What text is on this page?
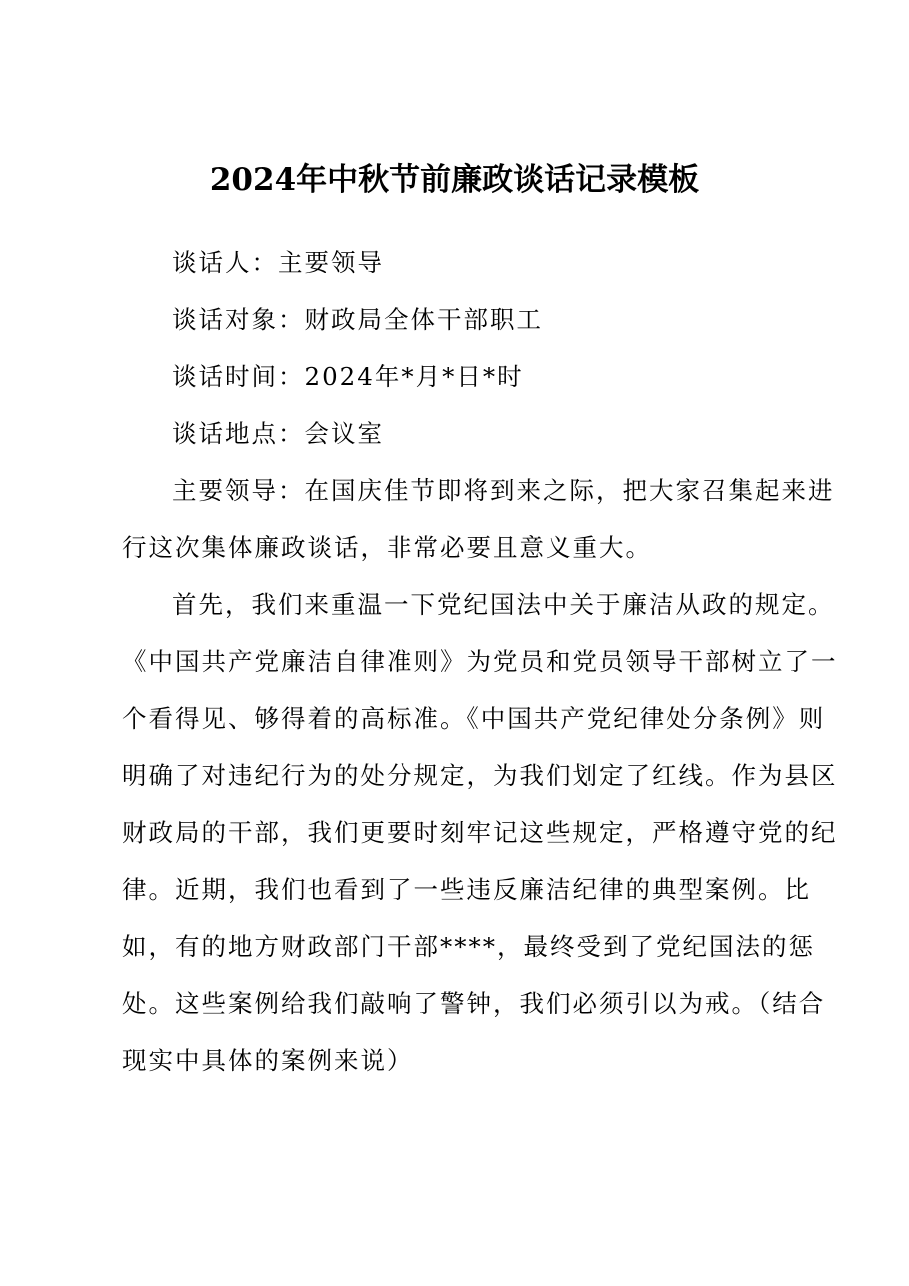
2024年中秋节前廉政谈话记录模板
谈话人：主要领导
谈话对象：财政局全体干部职工
谈话时间：2024年*月*日*时
谈话地点：会议室
主要领导：在国庆佳节即将到来之际，把大家召集起来进
行这次集体廉政谈话，非常必要且意义重大。
首先，我们来重温一下党纪国法中关于廉洁从政的规定。
《中国共产党廉洁自律准则》为党员和党员领导干部树立了一
个看得见、够得着的高标准。《中国共产党纪律处分条例》则
明确了对违纪行为的处分规定，为我们划定了红线。作为县区
财政局的干部，我们更要时刻牢记这些规定，严格遵守党的纪
律。近期，我们也看到了一些违反廉洁纪律的典型案例。比
如，有的地方财政部门干部****，最终受到了党纪国法的惩
处。这些案例给我们敲响了警钟，我们必须引以为戒。（结合
现实中具体的案例来说）
